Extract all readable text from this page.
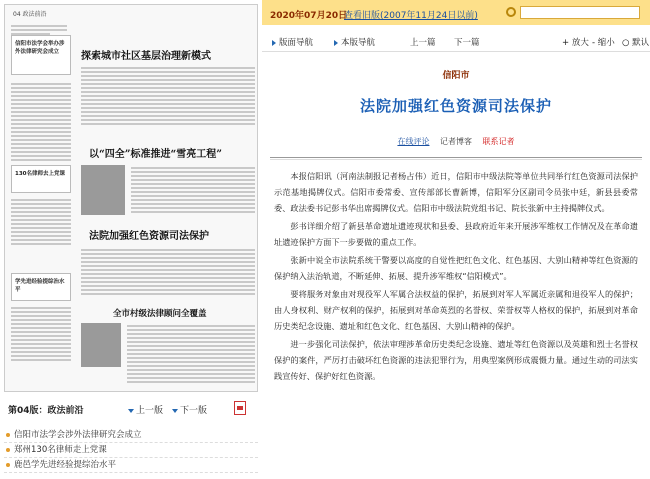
04 政法前沿
信阳市法学会举办涉外法律研究会成立
130名律师去上党课
学先进经验提综治水平
探索城市社区基层治理新模式
以“四全”标准推进“雪亮工程”
法院加强红色资源司法保护
全市村级法律顾问全覆盖
第04版：政法前沿	上一版	下一版
信阳市法学会涉外法律研究会成立
郑州130名律师走上党课
鹿邑学先进经验提综治水平
2020年07月20日
查看旧版(2007年11月24日以前)
版面导航	本版导航	上一篇 下一篇	+ 放大 - 缩小 ○ 默认
信阳市
法院加强红色资源司法保护
在线评论 记者博客 联系记者

本报信阳讯（河南法制报记者杨占伟）近日，信阳市中级法院等单位共同举行红色资源司法保护示范基地揭牌仪式。信阳市委常委、宣传部部长曹新博，信阳军分区副司令员张中廷，新县县委常委、政法委书记彭书华出席揭牌仪式。信阳市中级法院党组书记、院长张新中主持揭牌仪式。

彭书详细介绍了新县革命遗址遗迹现状和县委、县政府近年来开展涉军维权工作情况及在革命遗址遗迹保护方面下一步要做的重点工作。

张新中说全市法院系统干警要以高度的自觉性把红色文化、红色基因、大别山精神等红色资源的保护纳入法治轨道，不断延伸、拓展、提升涉军维权“信阳模式”。

要将服务对象由对现役军人军属合法权益的保护，拓展到对军人军属近亲属和退役军人的保护；由人身权利、财产权利的保护，拓展到对革命英烈的名誉权、荣誉权等人格权的保护，拓展到对革命历史类纪念设施、遗址和红色文化、红色基因、大别山精神的保护。

进一步强化司法保护，依法审理涉革命历史类纪念设施、遗址等红色资源以及英雄和烈士名誉权保护的案件，严厉打击破坏红色资源的违法犯罪行为，用典型案例形成震慑力量。通过生动的司法实践宣传好、保护好红色资源。
